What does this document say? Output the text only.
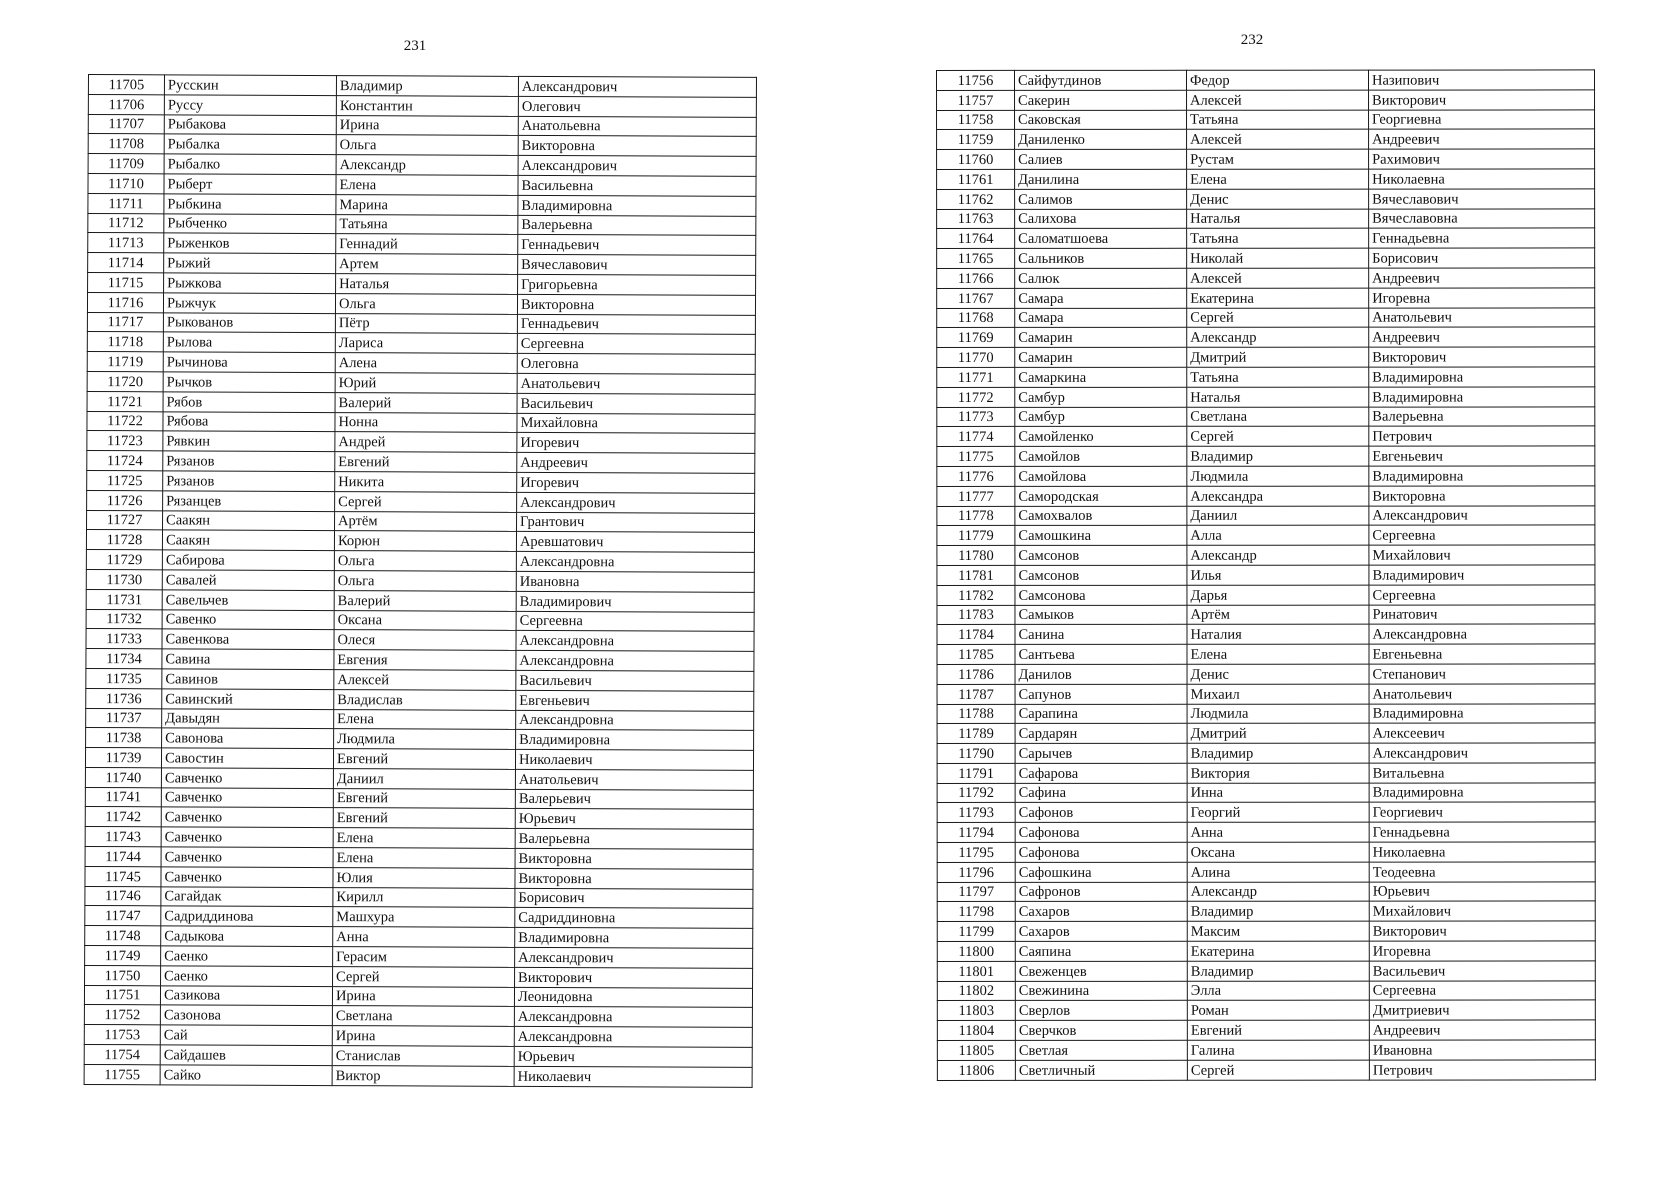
231
11705	Русскин	Владимир	Александрович
11706	Руссу	Константин	Олегович
11707	Рыбакова	Ирина	Анатольевна
11708	Рыбалка	Ольга	Викторовна
11709	Рыбалко	Александр	Александрович
11710	Рыберт	Елена	Васильевна
11711	Рыбкина	Марина	Владимировна
11712	Рыбченко	Татьяна	Валерьевна
11713	Рыженков	Геннадий	Геннадьевич
11714	Рыжий	Артем	Вячеславович
11715	Рыжкова	Наталья	Григорьевна
11716	Рыжчук	Ольга	Викторовна
11717	Рыкованов	Пётр	Геннадьевич
11718	Рылова	Лариса	Сергеевна
11719	Рычинова	Алена	Олеговна
11720	Рычков	Юрий	Анатольевич
11721	Рябов	Валерий	Васильевич
11722	Рябова	Нонна	Михайловна
11723	Рявкин	Андрей	Игоревич
11724	Рязанов	Евгений	Андреевич
11725	Рязанов	Никита	Игоревич
11726	Рязанцев	Сергей	Александрович
11727	Саакян	Артём	Грантович
11728	Саакян	Корюн	Аревшатович
11729	Сабирова	Ольга	Александровна
11730	Савалей	Ольга	Ивановна
11731	Савельчев	Валерий	Владимирович
11732	Савенко	Оксана	Сергеевна
11733	Савенкова	Олеся	Александровна
11734	Савина	Евгения	Александровна
11735	Савинов	Алексей	Васильевич
11736	Савинский	Владислав	Евгеньевич
11737	Давыдян	Елена	Александровна
11738	Савонова	Людмила	Владимировна
11739	Савостин	Евгений	Николаевич
11740	Савченко	Даниил	Анатольевич
11741	Савченко	Евгений	Валерьевич
11742	Савченко	Евгений	Юрьевич
11743	Савченко	Елена	Валерьевна
11744	Савченко	Елена	Викторовна
11745	Савченко	Юлия	Викторовна
11746	Сагайдак	Кирилл	Борисович
11747	Садриддинова	Машхура	Садриддиновна
11748	Садыкова	Анна	Владимировна
11749	Саенко	Герасим	Александрович
11750	Саенко	Сергей	Викторович
11751	Сазикова	Ирина	Леонидовна
11752	Сазонова	Светлана	Александровна
11753	Сай	Ирина	Александровна
11754	Сайдашев	Станислав	Юрьевич
11755	Сайко	Виктор	Николаевич
232
11756	Сайфутдинов	Федор	Назипович
11757	Сакерин	Алексей	Викторович
11758	Саковская	Татьяна	Георгиевна
11759	Даниленко	Алексей	Андреевич
11760	Салиев	Рустам	Рахимович
11761	Данилина	Елена	Николаевна
11762	Салимов	Денис	Вячеславович
11763	Салихова	Наталья	Вячеславовна
11764	Саломатшоева	Татьяна	Геннадьевна
11765	Сальников	Николай	Борисович
11766	Салюк	Алексей	Андреевич
11767	Самара	Екатерина	Игоревна
11768	Самара	Сергей	Анатольевич
11769	Самарин	Александр	Андреевич
11770	Самарин	Дмитрий	Викторович
11771	Самаркина	Татьяна	Владимировна
11772	Самбур	Наталья	Владимировна
11773	Самбур	Светлана	Валерьевна
11774	Самойленко	Сергей	Петрович
11775	Самойлов	Владимир	Евгеньевич
11776	Самойлова	Людмила	Владимировна
11777	Самородская	Александра	Викторовна
11778	Самохвалов	Даниил	Александрович
11779	Самошкина	Алла	Сергеевна
11780	Самсонов	Александр	Михайлович
11781	Самсонов	Илья	Владимирович
11782	Самсонова	Дарья	Сергеевна
11783	Самыков	Артём	Ринатович
11784	Санина	Наталия	Александровна
11785	Сантьева	Елена	Евгеньевна
11786	Данилов	Денис	Степанович
11787	Сапунов	Михаил	Анатольевич
11788	Сарапина	Людмила	Владимировна
11789	Сардарян	Дмитрий	Алексеевич
11790	Сарычев	Владимир	Александрович
11791	Сафарова	Виктория	Витальевна
11792	Сафина	Инна	Владимировна
11793	Сафонов	Георгий	Георгиевич
11794	Сафонова	Анна	Геннадьевна
11795	Сафонова	Оксана	Николаевна
11796	Сафошкина	Алина	Теодеевна
11797	Сафронов	Александр	Юрьевич
11798	Сахаров	Владимир	Михайлович
11799	Сахаров	Максим	Викторович
11800	Саяпина	Екатерина	Игоревна
11801	Свеженцев	Владимир	Васильевич
11802	Свежинина	Элла	Сергеевна
11803	Сверлов	Роман	Дмитриевич
11804	Сверчков	Евгений	Андреевич
11805	Светлая	Галина	Ивановна
11806	Светличный	Сергей	Петрович
